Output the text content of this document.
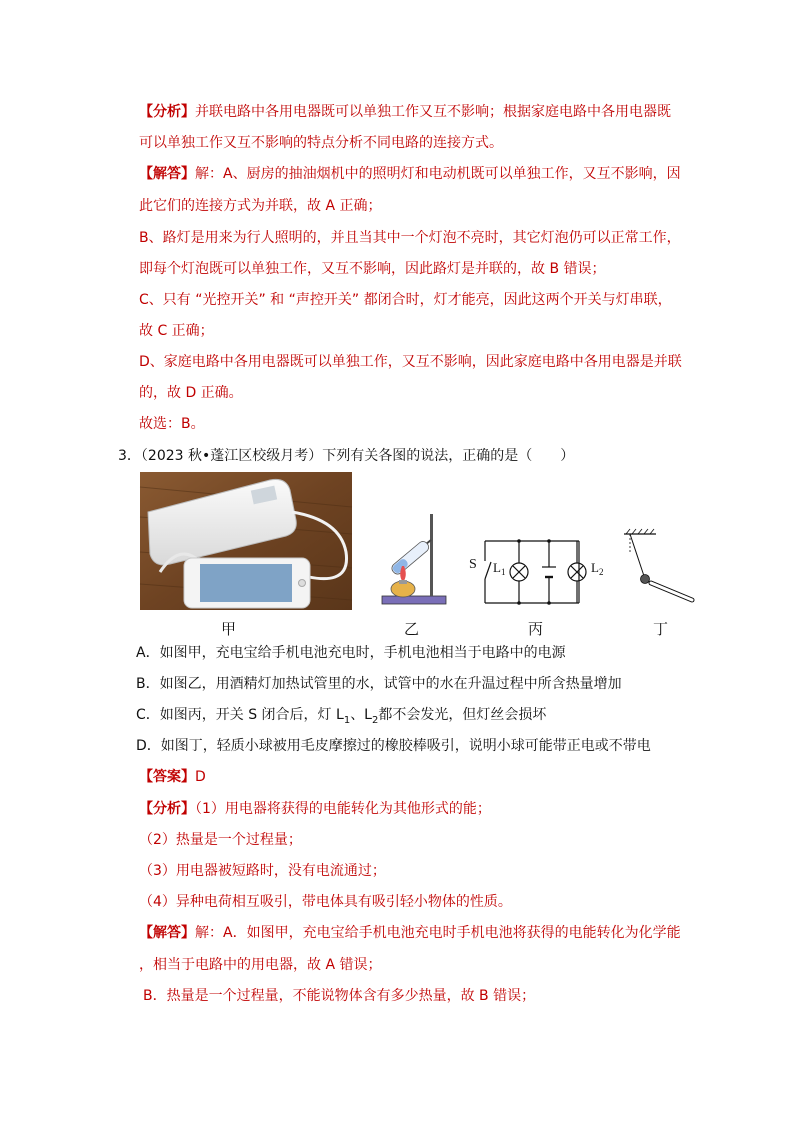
【分析】并联电路中各用电器既可以单独工作又互不影响；根据家庭电路中各用电器既
可以单独工作又互不影响的特点分析不同电路的连接方式。
【解答】解：A、厨房的抽油烟机中的照明灯和电动机既可以单独工作，又互不影响，因
此它们的连接方式为并联，故 A 正确；
B、路灯是用来为行人照明的，并且当其中一个灯泡不亮时，其它灯泡仍可以正常工作，
即每个灯泡既可以单独工作，又互不影响，因此路灯是并联的，故 B 错误；
C、只有 “光控开关” 和 “声控开关” 都闭合时，灯才能亮，因此这两个开关与灯串联，
故 C 正确；
D、家庭电路中各用电器既可以单独工作，又互不影响，因此家庭电路中各用电器是并联
的，故 D 正确。
故选：B。
3．（2023 秋•蓬江区校级月考）下列有关各图的说法，正确的是（　　）
S $L_1$	$L_2$
甲	乙	丙	丁
A．如图甲，充电宝给手机电池充电时，手机电池相当于电路中的电源
B．如图乙，用酒精灯加热试管里的水，试管中的水在升温过程中所含热量增加
C．如图丙，开关 S 闭合后，灯 $L_1$、$L_2$都不会发光，但灯丝会损坏
D．如图丁，轻质小球被用毛皮摩擦过的橡胶棒吸引，说明小球可能带正电或不带电
【答案】D
【分析】（1）用电器将获得的电能转化为其他形式的能；
（2）热量是一个过程量；
（3）用电器被短路时，没有电流通过；
（4）异种电荷相互吸引，带电体具有吸引轻小物体的性质。
【解答】解：A．如图甲，充电宝给手机电池充电时手机电池将获得的电能转化为化学能
，相当于电路中的用电器，故 A 错误；
B．热量是一个过程量，不能说物体含有多少热量，故 B 错误；
